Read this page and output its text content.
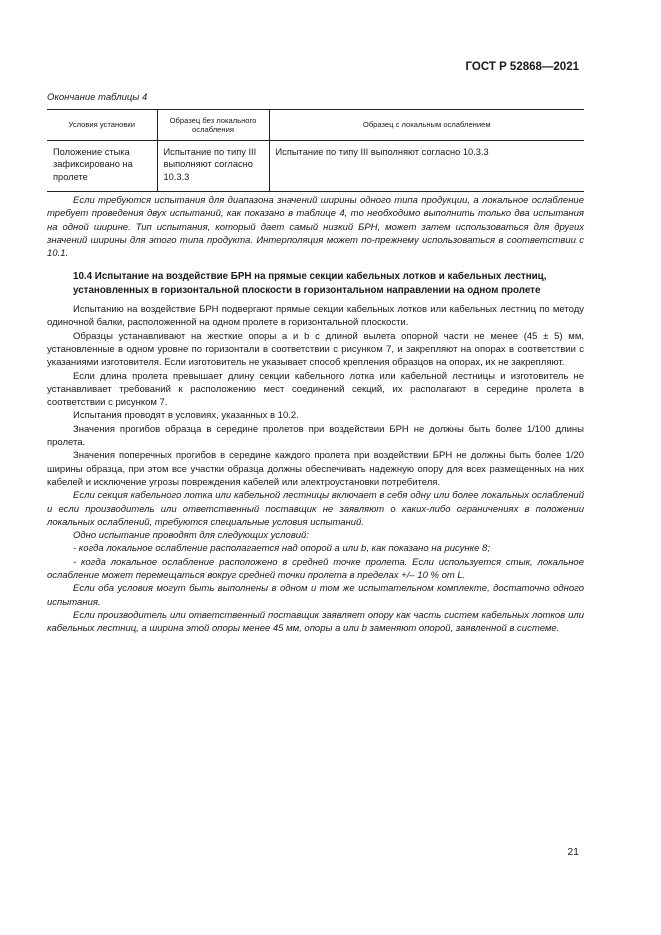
ГОСТ Р 52868—2021
Окончание таблицы 4
Условия установки	Образец без локального ослабления	Образец с локальным ослаблением
Положение стыка зафиксировано на пролете	Испытание по типу III выполняют согласно 10.3.3	Испытание по типу III выполняют согласно 10.3.3

Если требуются испытания для диапазона значений ширины одного типа продукции, а локальное ослабление требует проведения двух испытаний, как показано в таблице 4, то необходимо выполнить только два испытания на одной ширине. Тип испытания, который дает самый низкий БРН, может затем использоваться для других значений ширины для этого типа продукта. Интерполяция может по-прежнему использоваться в соответствии с 10.1.

10.4 Испытание на воздействие БРН на прямые секции кабельных лотков и кабельных лестниц, установленных в горизонтальной плоскости в горизонтальном направлении на одном пролете

Испытанию на воздействие БРН подвергают прямые секции кабельных лотков или кабельных лестниц по методу одиночной балки, расположенной на одном пролете в горизонтальной плоскости.

Образцы устанавливают на жесткие опоры а и b с длиной вылета опорной части не менее (45 ± 5) мм, установленные в одном уровне по горизонтали в соответствии с рисунком 7, и закрепляют на опорах в соответствии с указаниями изготовителя. Если изготовитель не указывает способ крепления образцов на опорах, их не закрепляют.

Если длина пролета превышает длину секции кабельного лотка или кабельной лестницы и изготовитель не устанавливает требований к расположению мест соединений секций, их располагают в середине пролета в соответствии с рисунком 7.

Испытания проводят в условиях, указанных в 10.2.

Значения прогибов образца в середине пролетов при воздействии БРН не должны быть более 1/100 длины пролета.

Значения поперечных прогибов в середине каждого пролета при воздействии БРН не должны быть более 1/20 ширины образца, при этом все участки образца должны обеспечивать надежную опору для всех размещенных на них кабелей и исключение угрозы повреждения кабелей или электроустановки потребителя.

Если секция кабельного лотка или кабельной лестницы включает в себя одну или более локальных ослаблений и если производитель или ответственный поставщик не заявляют о каких-либо ограничениях в положении локальных ослаблений, требуются специальные условия испытаний.

Одно испытание проводят для следующих условий:

- когда локальное ослабление располагается над опорой а или b, как показано на рисунке 8;

- когда локальное ослабление расположено в средней точке пролета. Если используется стык, локальное ослабление может перемещаться вокруг средней точки пролета в пределах +/– 10 % от L.

Если оба условия могут быть выполнены в одном и том же испытательном комплекте, достаточно одного испытания.

Если производитель или ответственный поставщик заявляет опору как часть систем кабельных лотков или кабельных лестниц, а ширина этой опоры менее 45 мм, опоры а или b заменяют опорой, заявленной в системе.

21
